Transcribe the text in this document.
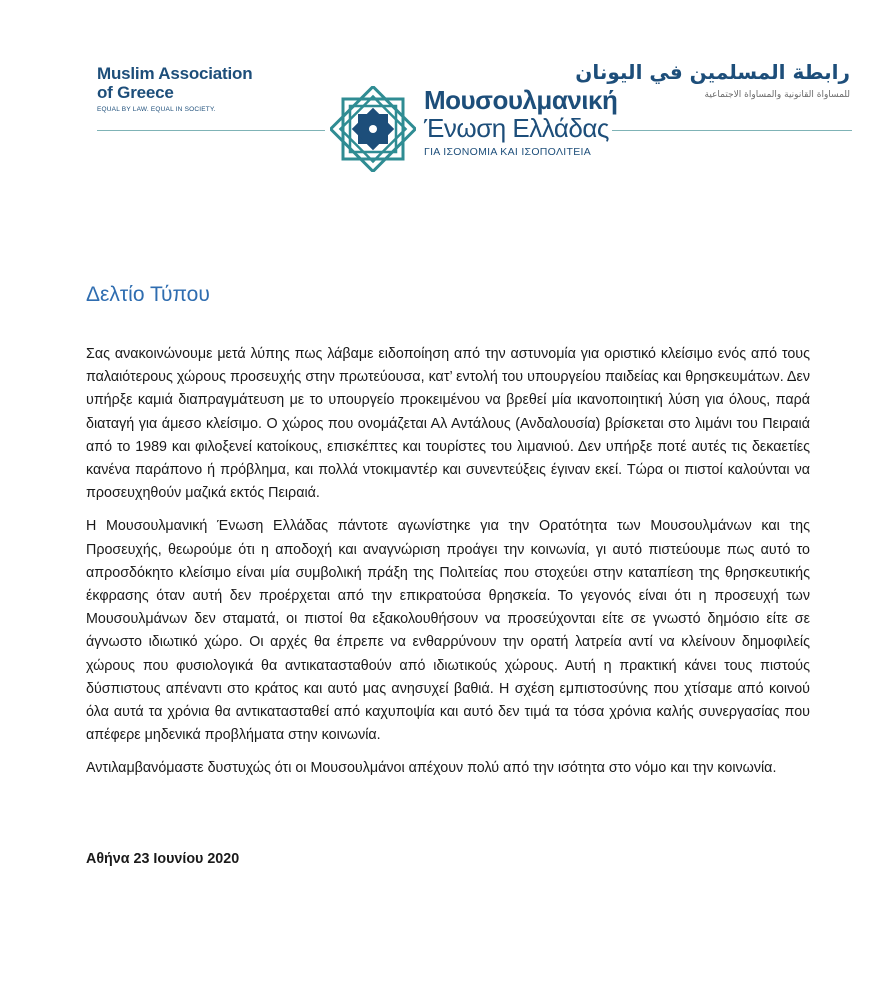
Muslim Association
of Greece
EQUAL BY LAW. EQUAL IN SOCIETY.	Μουσουλμανική
Ένωση Ελλάδας
ΓΙΑ ΙΣΟΝΟΜΙΑ ΚΑΙ ΙΣΟΠΟΛΙΤΕΙΑ
رابطة المسلمين في اليونان
للمساواة القانونية والمساواة الاجتماعية
Δελτίο Τύπου

Σας ανακοινώνουμε μετά λύπης πως λάβαμε ειδοποίηση από την αστυνομία για οριστικό κλείσιμο ενός από τους παλαιότερους χώρους προσευχής στην πρωτεύουσα, κατ’ εντολή του υπουργείου παιδείας και θρησκευμάτων. Δεν υπήρξε καμιά διαπραγμάτευση με το υπουργείο προκειμένου να βρεθεί μία ικανοποιητική λύση για όλους, παρά διαταγή για άμεσο κλείσιμο. Ο χώρος που ονομάζεται Αλ Αντάλους (Ανδαλουσία) βρίσκεται στο λιμάνι του Πειραιά από το 1989 και φιλοξενεί κατοίκους, επισκέπτες και τουρίστες του λιμανιού. Δεν υπήρξε ποτέ αυτές τις δεκαετίες κανένα παράπονο ή πρόβλημα, και πολλά ντοκιμαντέρ και συνεντεύξεις έγιναν εκεί. Τώρα οι πιστοί καλούνται να προσευχηθούν μαζικά εκτός Πειραιά.

Η Μουσουλμανική Ένωση Ελλάδας πάντοτε αγωνίστηκε για την Ορατότητα των Μουσουλμάνων και της Προσευχής, θεωρούμε ότι η αποδοχή και αναγνώριση προάγει την κοινωνία, γι αυτό πιστεύουμε πως αυτό το απροσδόκητο κλείσιμο είναι μία συμβολική πράξη της Πολιτείας που στοχεύει στην καταπίεση της θρησκευτικής έκφρασης όταν αυτή δεν προέρχεται από την επικρατούσα θρησκεία. Το γεγονός είναι ότι η προσευχή των Μουσουλμάνων δεν σταματά, οι πιστοί θα εξακολουθήσουν να προσεύχονται είτε σε γνωστό δημόσιο είτε σε άγνωστο ιδιωτικό χώρο. Οι αρχές θα έπρεπε να ενθαρρύνουν την ορατή λατρεία αντί να κλείνουν δημοφιλείς χώρους που φυσιολογικά θα αντικατασταθούν από ιδιωτικούς χώρους. Αυτή η πρακτική κάνει τους πιστούς δύσπιστους απέναντι στο κράτος και αυτό μας ανησυχεί βαθιά. Η σχέση εμπιστοσύνης που χτίσαμε από κοινού όλα αυτά τα χρόνια θα αντικατασταθεί από καχυποψία και αυτό δεν τιμά τα τόσα χρόνια καλής συνεργασίας που απέφερε μηδενικά προβλήματα στην κοινωνία.

Αντιλαμβανόμαστε δυστυχώς ότι οι Μουσουλμάνοι απέχουν πολύ από την ισότητα στο νόμο και την κοινωνία.

Αθήνα 23 Ιουνίου 2020
